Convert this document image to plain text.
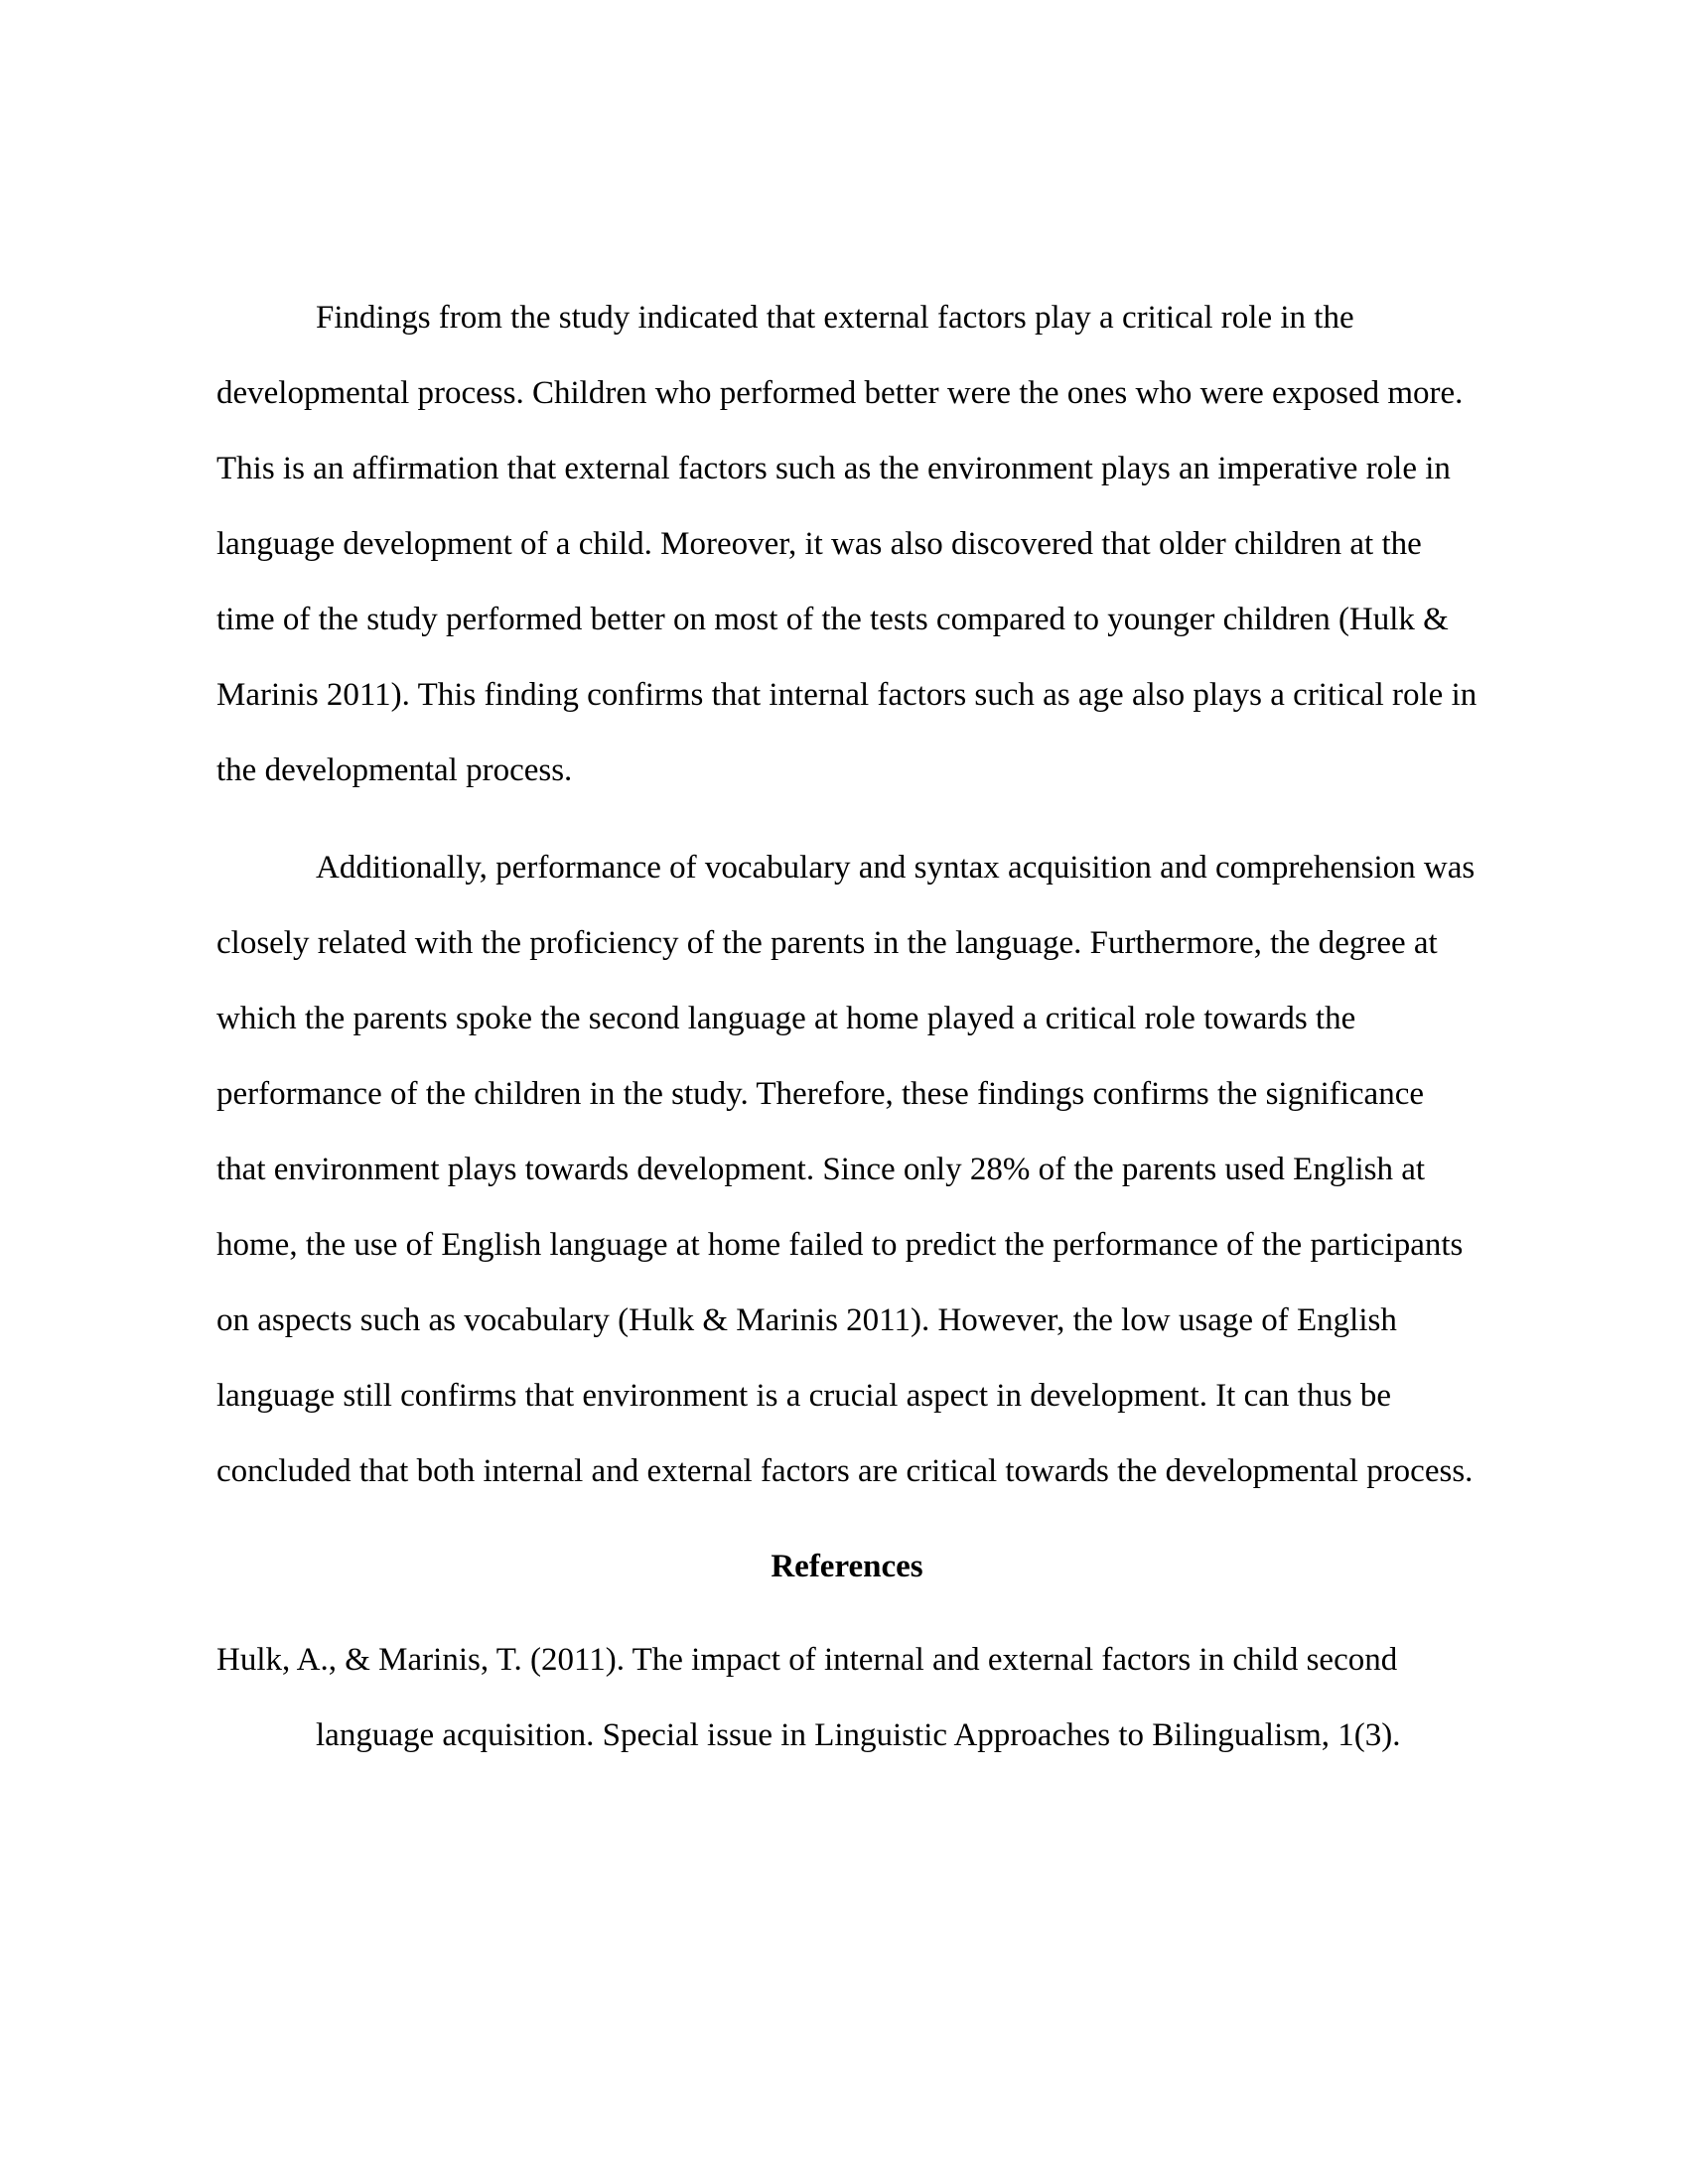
Findings from the study indicated that external factors play a critical role in the developmental process. Children who performed better were the ones who were exposed more. This is an affirmation that external factors such as the environment plays an imperative role in language development of a child. Moreover, it was also discovered that older children at the time of the study performed better on most of the tests compared to younger children (Hulk & Marinis 2011). This finding confirms that internal factors such as age also plays a critical role in the developmental process.

Additionally, performance of vocabulary and syntax acquisition and comprehension was closely related with the proficiency of the parents in the language. Furthermore, the degree at which the parents spoke the second language at home played a critical role towards the performance of the children in the study. Therefore, these findings confirms the significance that environment plays towards development. Since only 28% of the parents used English at home, the use of English language at home failed to predict the performance of the participants on aspects such as vocabulary (Hulk & Marinis 2011). However, the low usage of English language still confirms that environment is a crucial aspect in development. It can thus be concluded that both internal and external factors are critical towards the developmental process.

References

Hulk, A., & Marinis, T. (2011). The impact of internal and external factors in child second language acquisition. Special issue in Linguistic Approaches to Bilingualism, 1(3).
